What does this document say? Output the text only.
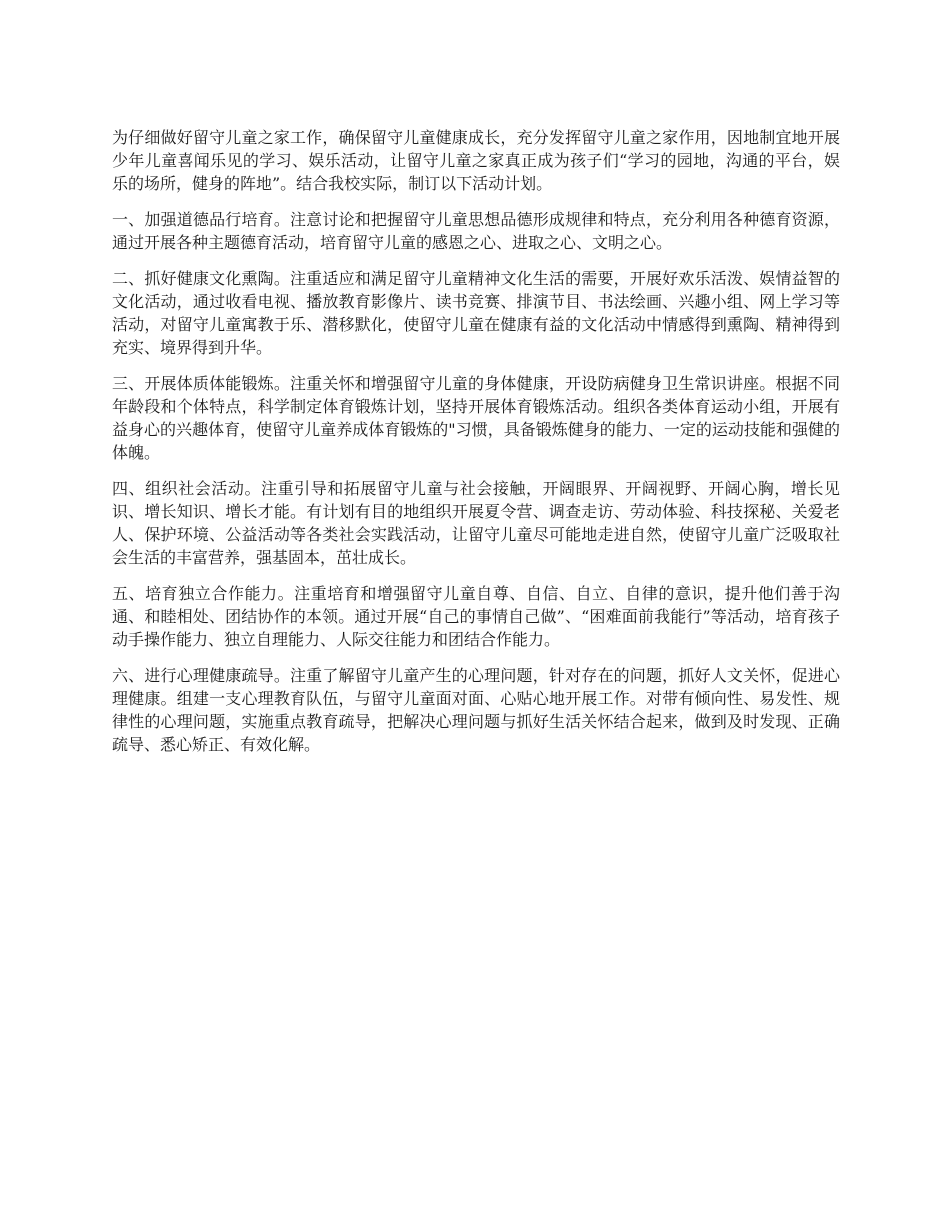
为仔细做好留守儿童之家工作，确保留守儿童健康成长，充分发挥留守儿童之家作用，因地制宜地开展少年儿童喜闻乐见的学习、娱乐活动，让留守儿童之家真正成为孩子们“学习的园地，沟通的平台，娱乐的场所，健身的阵地”。结合我校实际，制订以下活动计划。

一、加强道德品行培育。注意讨论和把握留守儿童思想品德形成规律和特点，充分利用各种德育资源，通过开展各种主题德育活动，培育留守儿童的感恩之心、进取之心、文明之心。

二、抓好健康文化熏陶。注重适应和满足留守儿童精神文化生活的需要，开展好欢乐活泼、娱情益智的文化活动，通过收看电视、播放教育影像片、读书竞赛、排演节目、书法绘画、兴趣小组、网上学习等活动，对留守儿童寓教于乐、潜移默化，使留守儿童在健康有益的文化活动中情感得到熏陶、精神得到充实、境界得到升华。

三、开展体质体能锻炼。注重关怀和增强留守儿童的身体健康，开设防病健身卫生常识讲座。根据不同年龄段和个体特点，科学制定体育锻炼计划，坚持开展体育锻炼活动。组织各类体育运动小组，开展有益身心的兴趣体育，使留守儿童养成体育锻炼的"习惯，具备锻炼健身的能力、一定的运动技能和强健的体魄。

四、组织社会活动。注重引导和拓展留守儿童与社会接触，开阔眼界、开阔视野、开阔心胸，增长见识、增长知识、增长才能。有计划有目的地组织开展夏令营、调查走访、劳动体验、科技探秘、关爱老人、保护环境、公益活动等各类社会实践活动，让留守儿童尽可能地走进自然，使留守儿童广泛吸取社会生活的丰富营养，强基固本，茁壮成长。

五、培育独立合作能力。注重培育和增强留守儿童自尊、自信、自立、自律的意识，提升他们善于沟通、和睦相处、团结协作的本领。通过开展“自己的事情自己做”、“困难面前我能行”等活动，培育孩子动手操作能力、独立自理能力、人际交往能力和团结合作能力。

六、进行心理健康疏导。注重了解留守儿童产生的心理问题，针对存在的问题，抓好人文关怀，促进心理健康。组建一支心理教育队伍，与留守儿童面对面、心贴心地开展工作。对带有倾向性、易发性、规律性的心理问题，实施重点教育疏导，把解决心理问题与抓好生活关怀结合起来，做到及时发现、正确疏导、悉心矫正、有效化解。
